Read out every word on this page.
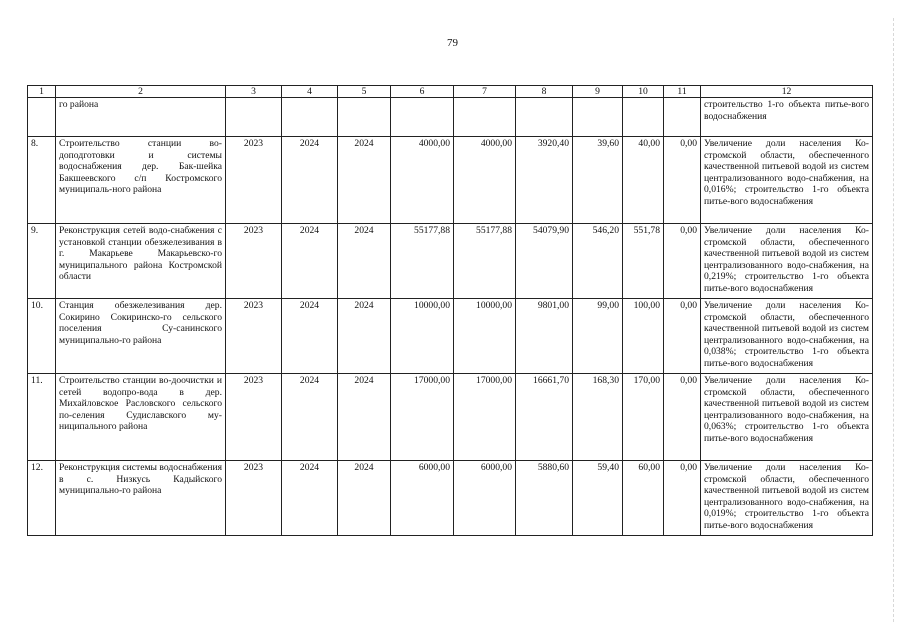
79
1	2	3	4	5	6	7	8	9	10	11	12
	го района										строительство 1-го объекта питье-вого водоснабжения
8.	Строительство станции во-доподготовки и системы водоснабжения дер. Бак-шейка Бакшеевского с/п Костромского муниципаль-ного района	2023	2024	2024	4000,00	4000,00	3920,40	39,60	40,00	0,00	Увеличение доли населения Ко-стромской области, обеспеченного качественной питьевой водой из систем централизованного водо-снабжения, на 0,016%; строительство 1-го объекта питье-вого водоснабжения
9.	Реконструкция сетей водо-снабжения с установкой станции обезжелезивания в г. Макарьеве Макарьевско-го муниципального района Костромской области	2023	2024	2024	55177,88	55177,88	54079,90	546,20	551,78	0,00	Увеличение доли населения Ко-стромской области, обеспеченного качественной питьевой водой из систем централизованного водо-снабжения, на 0,219%; строительство 1-го объекта питье-вого водоснабжения
10.	Станция обезжелезивания дер. Сокирино Сокиринско-го сельского поселения Су-санинского муниципально-го района	2023	2024	2024	10000,00	10000,00	9801,00	99,00	100,00	0,00	Увеличение доли населения Ко-стромской области, обеспеченного качественной питьевой водой из систем централизованного водо-снабжения, на 0,038%; строительство 1-го объекта питье-вого водоснабжения
11.	Строительство станции во-доочистки и сетей водопро-вода в дер. Михайловское Расловского сельского по-селения Судиславского му-ниципального района	2023	2024	2024	17000,00	17000,00	16661,70	168,30	170,00	0,00	Увеличение доли населения Ко-стромской области, обеспеченного качественной питьевой водой из систем централизованного водо-снабжения, на 0,063%; строительство 1-го объекта питье-вого водоснабжения
12.	Реконструкция системы водоснабжения в с. Низкусь Кадыйского муниципально-го района	2023	2024	2024	6000,00	6000,00	5880,60	59,40	60,00	0,00	Увеличение доли населения Ко-стромской области, обеспеченного качественной питьевой водой из систем централизованного водо-снабжения, на 0,019%; строительство 1-го объекта питье-вого водоснабжения
